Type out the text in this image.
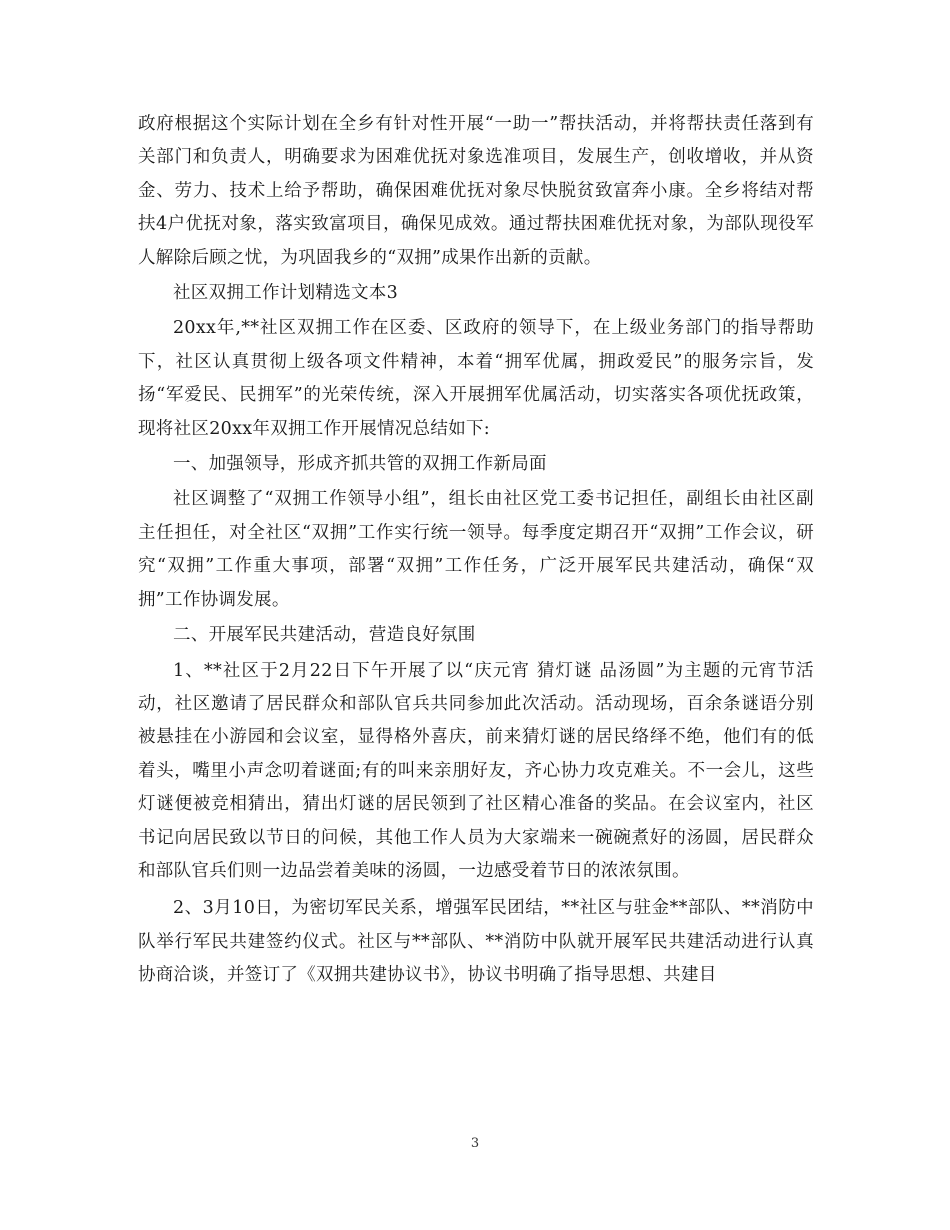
政府根据这个实际计划在全乡有针对性开展“一助一”帮扶活动，并将帮扶责任落到有关部门和负责人，明确要求为困难优抚对象选准项目，发展生产，创收增收，并从资金、劳力、技术上给予帮助，确保困难优抚对象尽快脱贫致富奔小康。全乡将结对帮扶4户优抚对象，落实致富项目，确保见成效。通过帮扶困难优抚对象，为部队现役军人解除后顾之忧，为巩固我乡的“双拥”成果作出新的贡献。

社区双拥工作计划精选文本3

20xx年,**社区双拥工作在区委、区政府的领导下，在上级业务部门的指导帮助下，社区认真贯彻上级各项文件精神，本着“拥军优属，拥政爱民”的服务宗旨，发扬“军爱民、民拥军”的光荣传统，深入开展拥军优属活动，切实落实各项优抚政策，现将社区20xx年双拥工作开展情况总结如下:

一、加强领导，形成齐抓共管的双拥工作新局面

社区调整了“双拥工作领导小组”，组长由社区党工委书记担任，副组长由社区副主任担任，对全社区“双拥”工作实行统一领导。每季度定期召开“双拥”工作会议，研究“双拥”工作重大事项，部署“双拥”工作任务，广泛开展军民共建活动，确保“双拥”工作协调发展。

二、开展军民共建活动，营造良好氛围

1、**社区于2月22日下午开展了以“庆元宵 猜灯谜 品汤圆”为主题的元宵节活动，社区邀请了居民群众和部队官兵共同参加此次活动。活动现场，百余条谜语分别被悬挂在小游园和会议室，显得格外喜庆，前来猜灯谜的居民络绎不绝，他们有的低着头，嘴里小声念叨着谜面;有的叫来亲朋好友，齐心协力攻克难关。不一会儿，这些灯谜便被竞相猜出，猜出灯谜的居民领到了社区精心准备的奖品。在会议室内，社区书记向居民致以节日的问候，其他工作人员为大家端来一碗碗煮好的汤圆，居民群众和部队官兵们则一边品尝着美味的汤圆，一边感受着节日的浓浓氛围。

2、3月10日，为密切军民关系，增强军民团结，**社区与驻金**部队、**消防中队举行军民共建签约仪式。社区与**部队、**消防中队就开展军民共建活动进行认真协商洽谈，并签订了《双拥共建协议书》，协议书明确了指导思想、共建目

3
